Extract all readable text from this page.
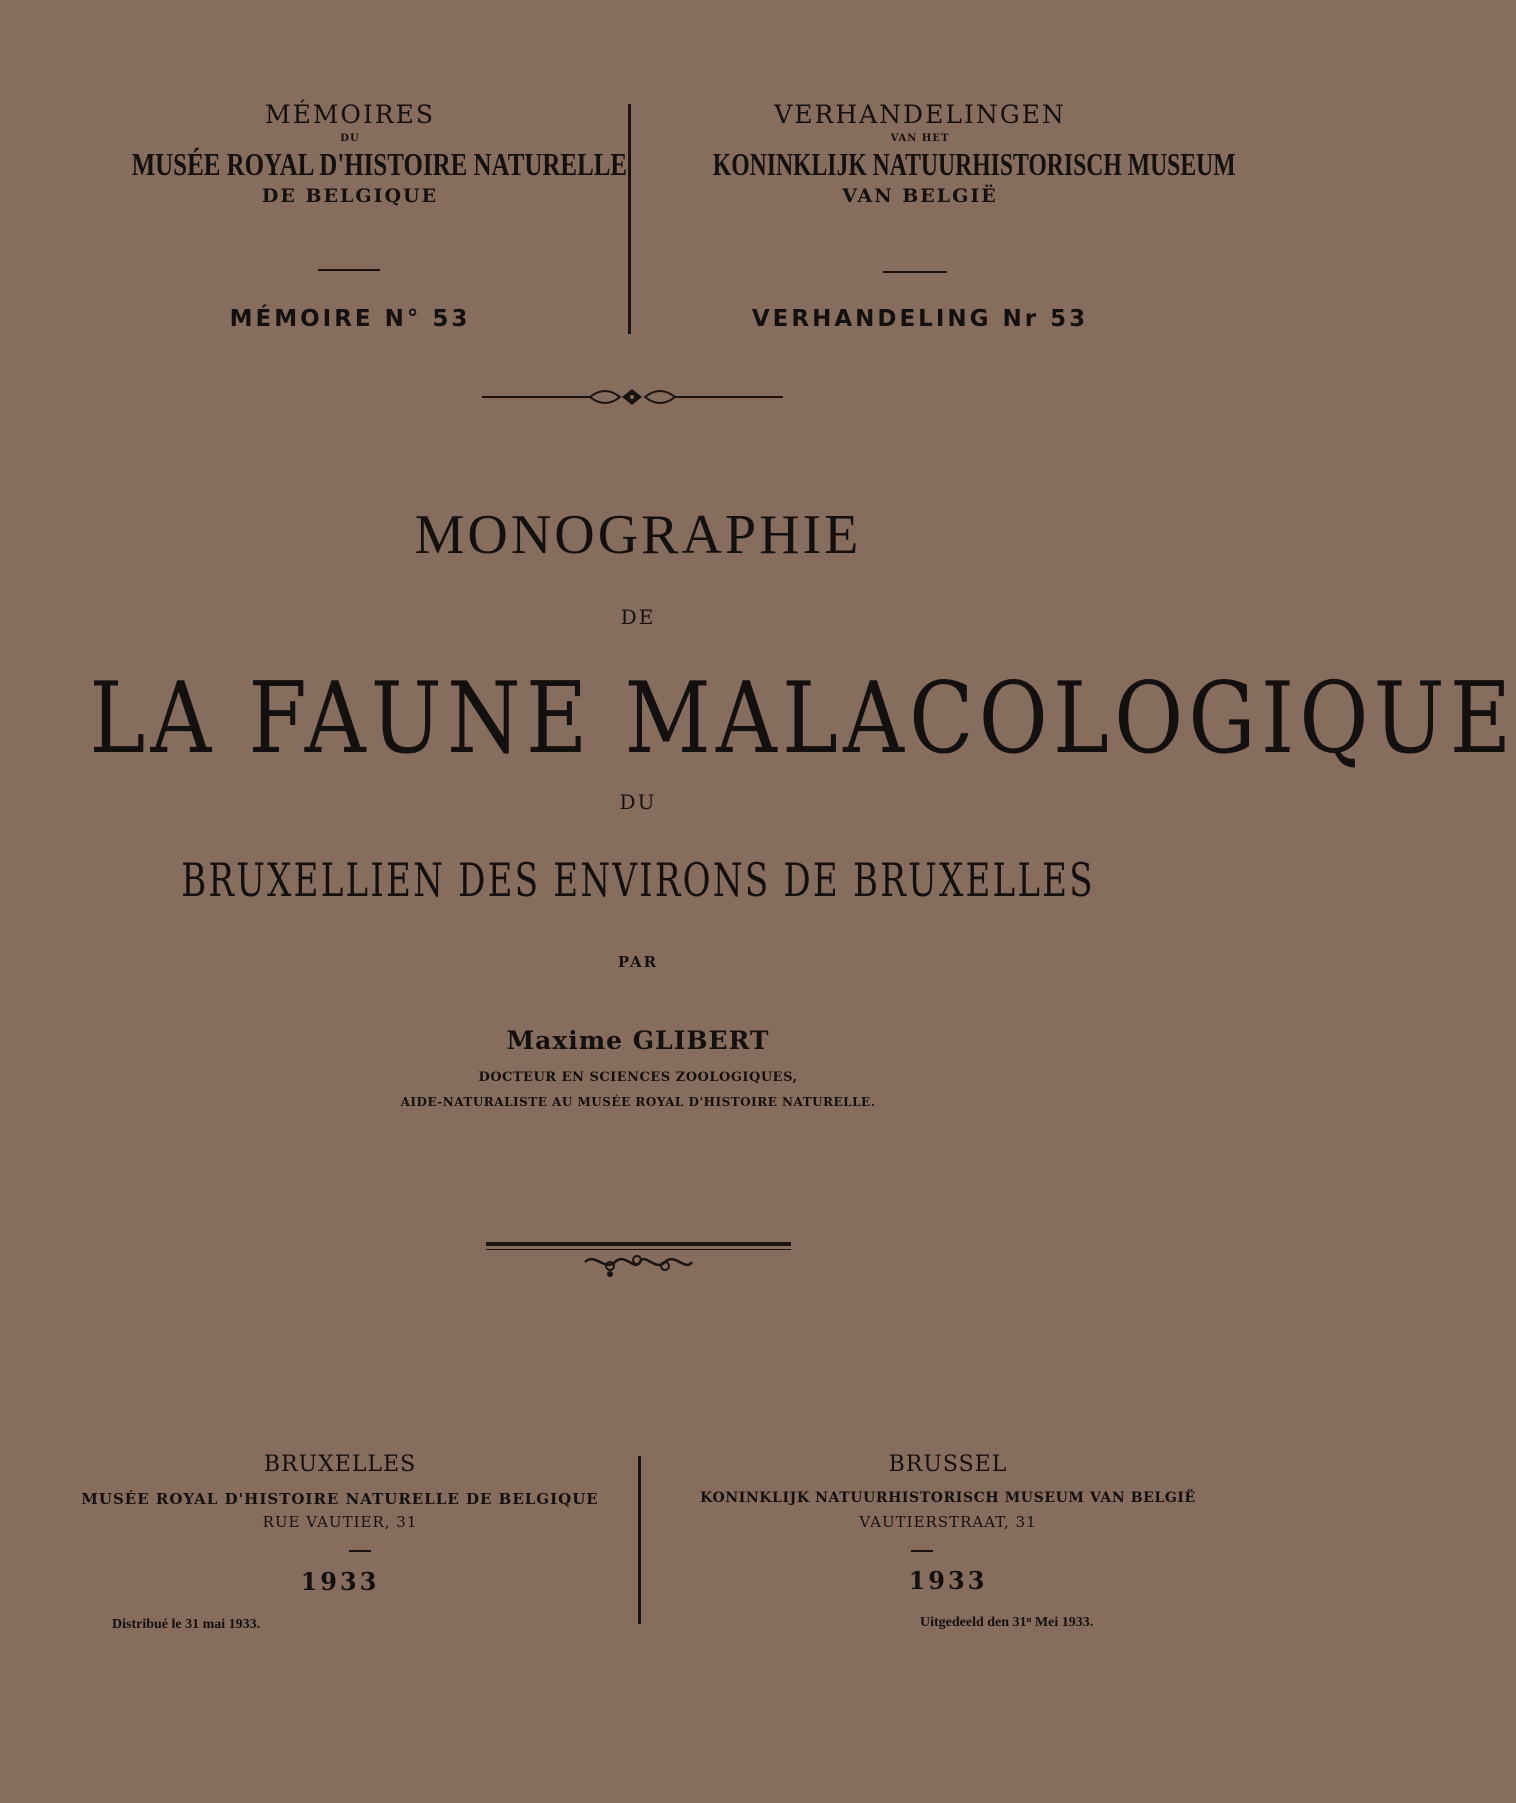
MÉMOIRES
DU
MUSÉE ROYAL D'HISTOIRE NATURELLE
DE BELGIQUE
MÉMOIRE N° 53
VERHANDELINGEN
VAN HET
KONINKLIJK NATUURHISTORISCH MUSEUM
VAN BELGIË
VERHANDELING Nr 53
MONOGRAPHIE
DE
LA FAUNE MALACOLOGIQUE
DU
BRUXELLIEN DES ENVIRONS DE BRUXELLES
PAR
Maxime GLIBERT
DOCTEUR EN SCIENCES ZOOLOGIQUES,
AIDE-NATURALISTE AU MUSÉE ROYAL D'HISTOIRE NATURELLE.
BRUXELLES
MUSÉE ROYAL D'HISTOIRE NATURELLE DE BELGIQUE
RUE VAUTIER, 31
1933
Distribué le 31 mai 1933.
BRUSSEL
KONINKLIJK NATUURHISTORISCH MUSEUM VAN BELGIË
VAUTIERSTRAAT, 31
1933
Uitgedeeld den 31ⁿ Mei 1933.
